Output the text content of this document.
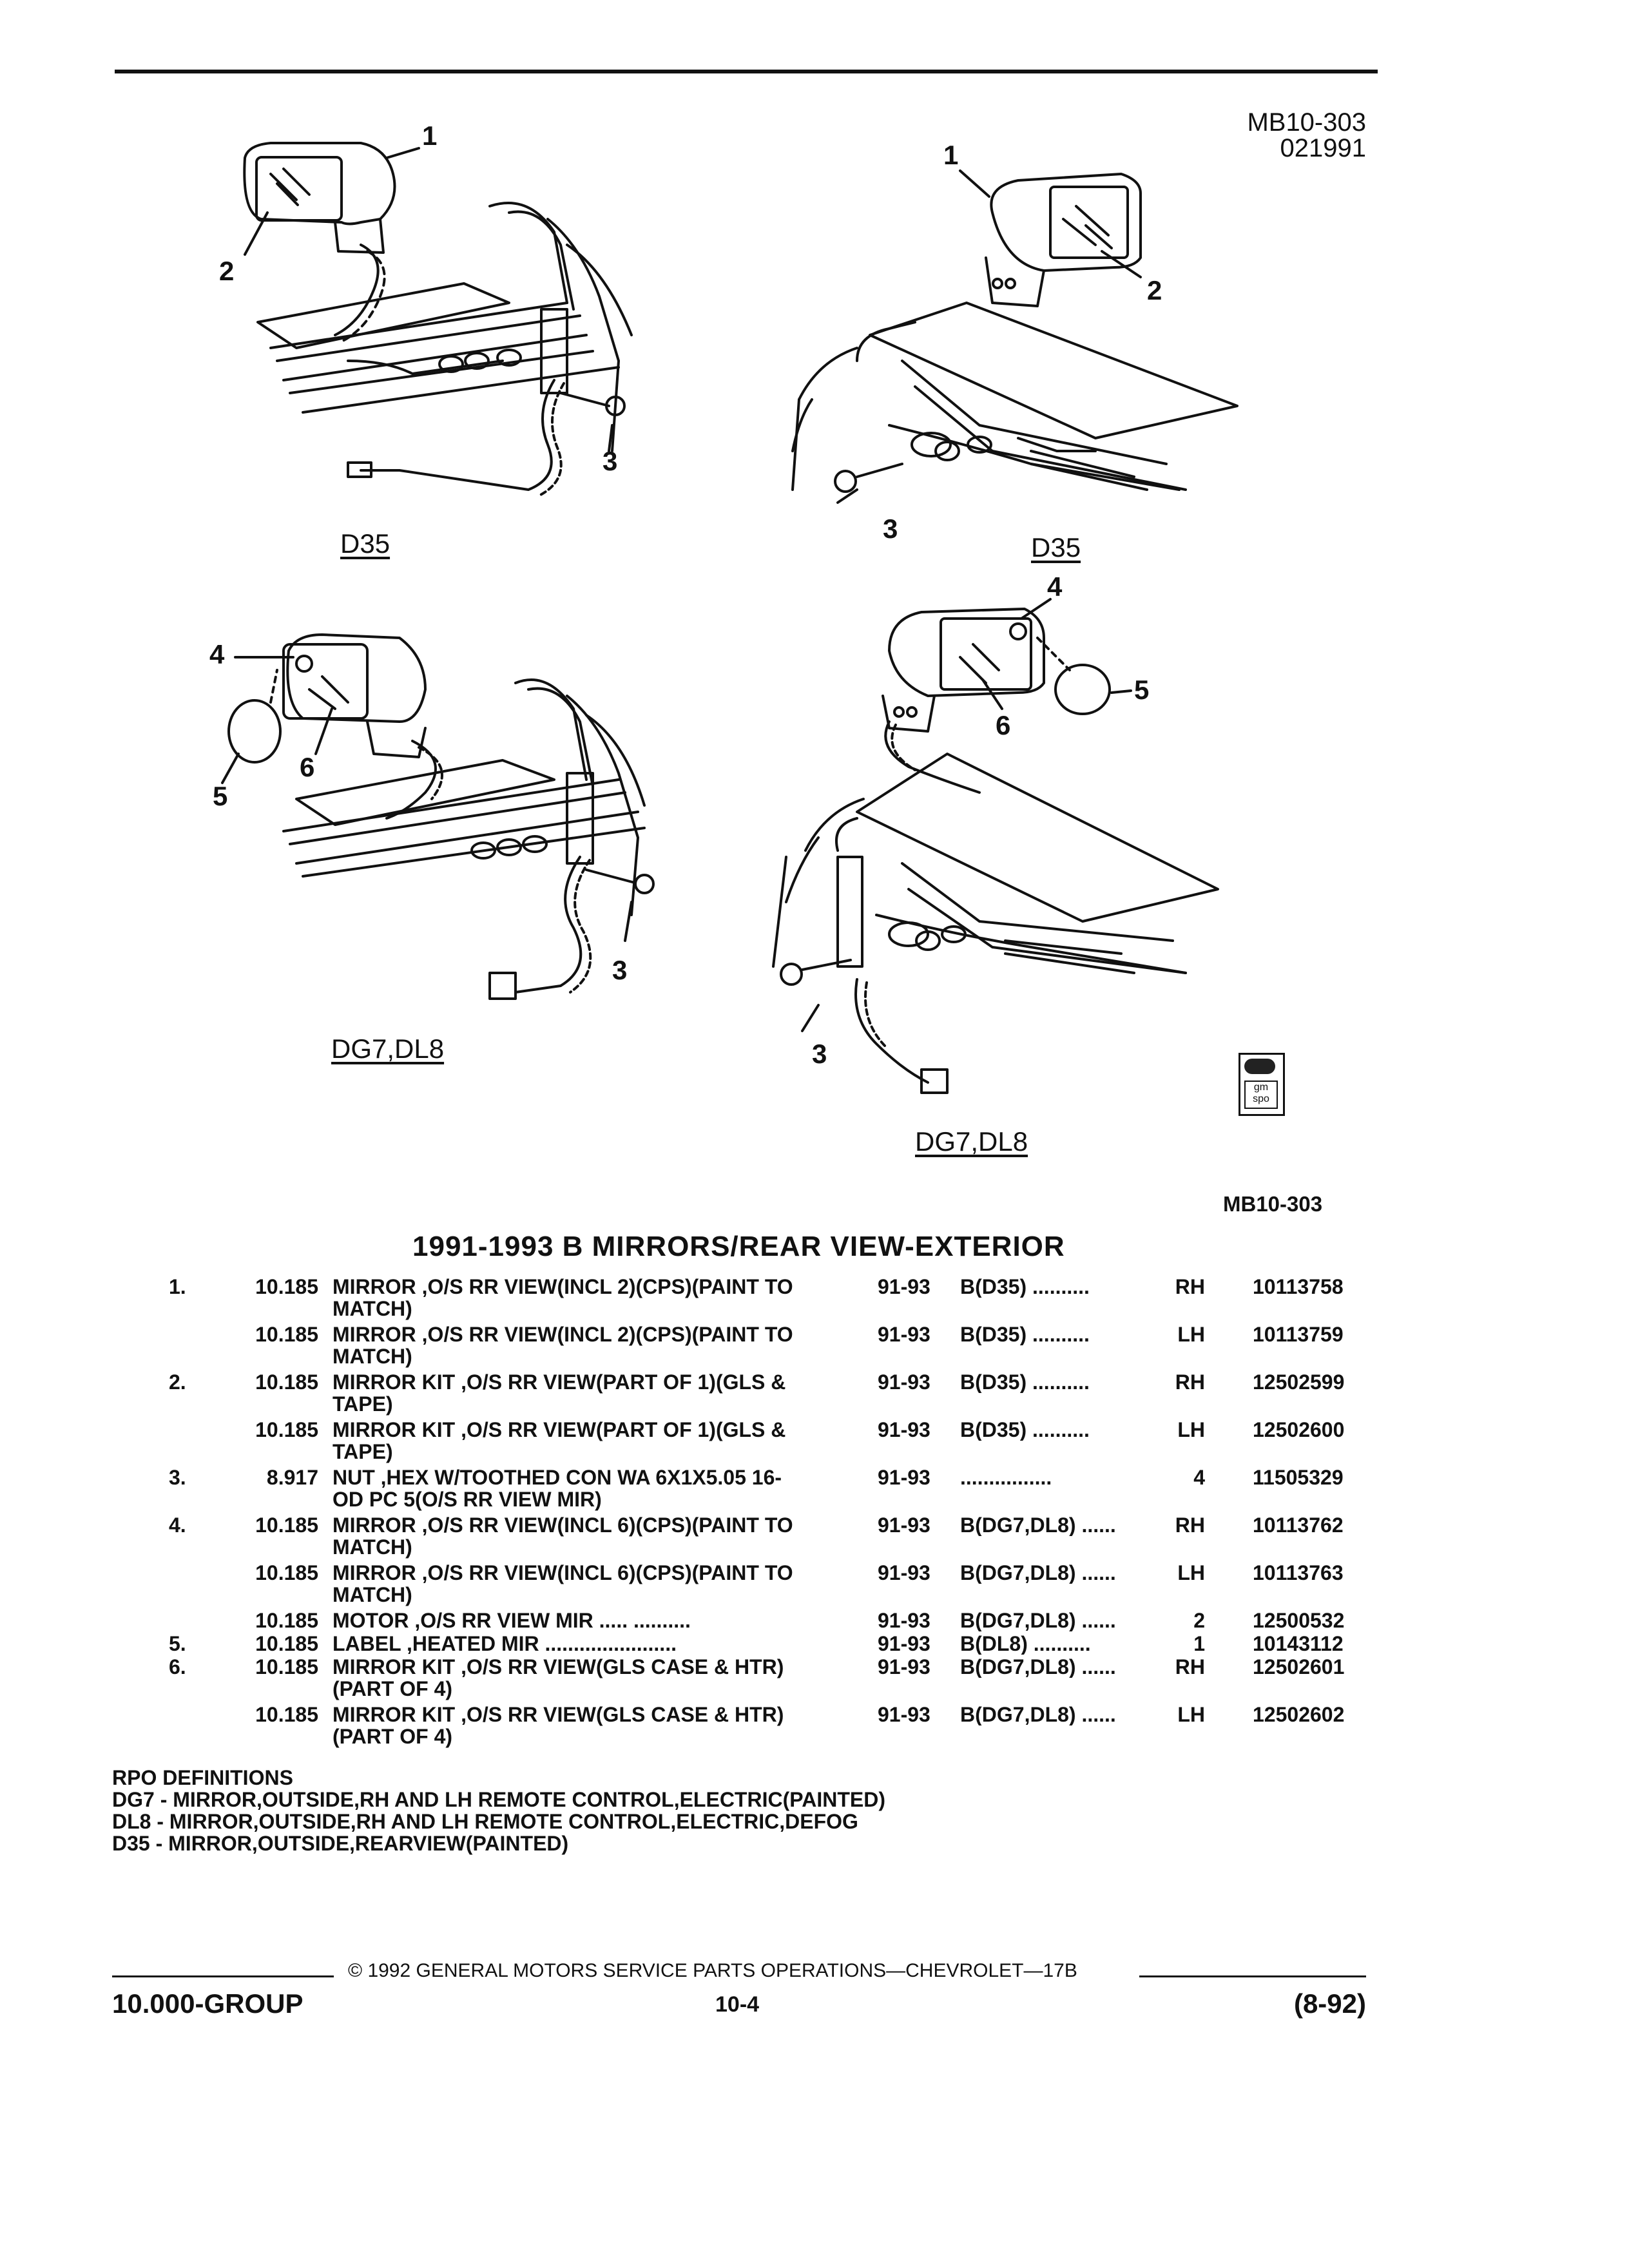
MB10-303
021991
1
2
3
1
2
3
4
5
6
3
4
5
6
3
D35	D35
DG7,DL8
DG7,DL8
gm spo
MB10-303
1991-1993 B MIRRORS/REAR VIEW-EXTERIOR
1.	10.185 MIRROR ,O/S RR VIEW(INCL 2)(CPS)(PAINT TO	91-93 B(D35) ..........	RH 10113758
MATCH)
10.185 MIRROR ,O/S RR VIEW(INCL 2)(CPS)(PAINT TO	91-93 B(D35) ..........	LH 10113759
MATCH)
2.	10.185 MIRROR KIT ,O/S RR VIEW(PART OF 1)(GLS &	91-93 B(D35) ..........	RH 12502599
TAPE)
10.185 MIRROR KIT ,O/S RR VIEW(PART OF 1)(GLS &	91-93 B(D35) ..........	LH 12502600
TAPE)
3.	8.917 NUT ,HEX W/TOOTHED CON WA 6X1X5.05 16-	91-93 ................	4 11505329
OD PC 5(O/S RR VIEW MIR)
4.	10.185 MIRROR ,O/S RR VIEW(INCL 6)(CPS)(PAINT TO	91-93 B(DG7,DL8) ......	RH 10113762
MATCH)
10.185 MIRROR ,O/S RR VIEW(INCL 6)(CPS)(PAINT TO	91-93 B(DG7,DL8) ......	LH 10113763
MATCH)
10.185 MOTOR ,O/S RR VIEW MIR ..... ..........	91-93 B(DG7,DL8) ......	2 12500532
5.	10.185 LABEL ,HEATED MIR .......................	91-93 B(DL8) ..........	1 10143112
6.	10.185 MIRROR KIT ,O/S RR VIEW(GLS CASE & HTR)	91-93 B(DG7,DL8) ......	RH 12502601
(PART OF 4)
10.185 MIRROR KIT ,O/S RR VIEW(GLS CASE & HTR)	91-93 B(DG7,DL8) ......	LH 12502602
(PART OF 4)
RPO DEFINITIONS
DG7 - MIRROR,OUTSIDE,RH AND LH REMOTE CONTROL,ELECTRIC(PAINTED)
DL8 - MIRROR,OUTSIDE,RH AND LH REMOTE CONTROL,ELECTRIC,DEFOG
D35 - MIRROR,OUTSIDE,REARVIEW(PAINTED)
© 1992 GENERAL MOTORS SERVICE PARTS OPERATIONS—CHEVROLET—17B
10.000-GROUP	10-4	(8-92)
